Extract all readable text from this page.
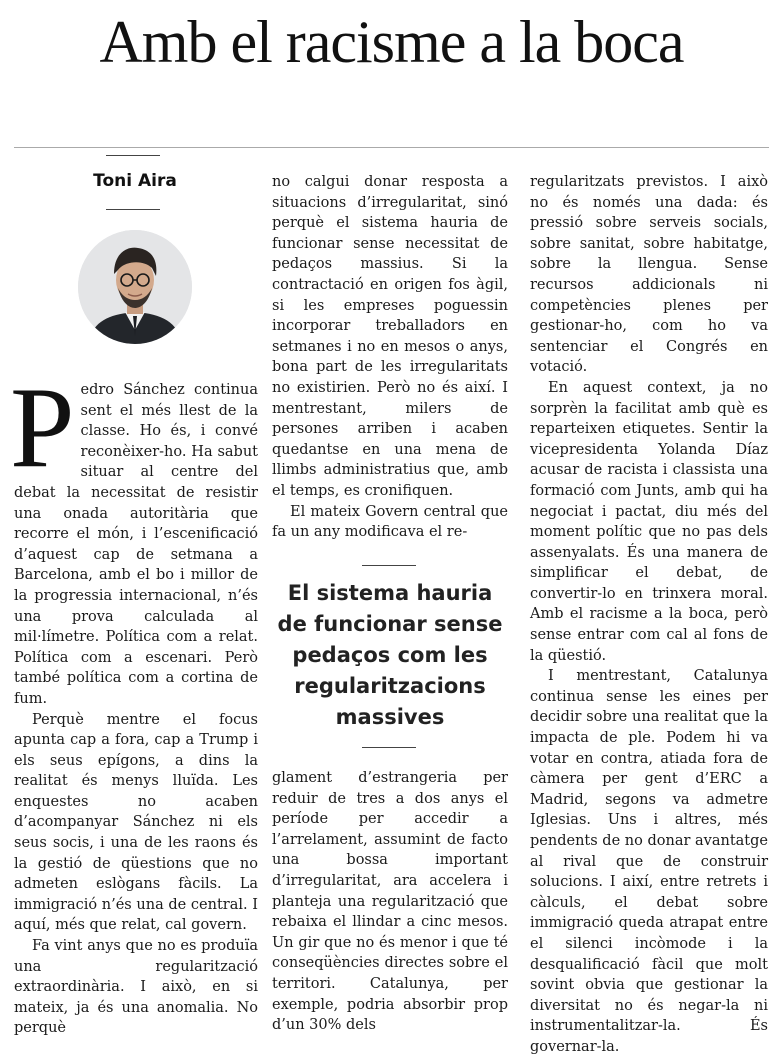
Amb el racisme a la boca
Toni Aira

Pedro Sánchez continua sent el més llest de la classe. Ho és, i convé reconèixer-ho. Ha sabut situar al centre del debat la necessitat de resistir una onada autoritària que recorre el món, i l’escenificació d’aquest cap de setmana a Barcelona, amb el bo i millor de la progressia internacional, n’és una prova calculada al mil·límetre. Política com a relat. Política com a escenari. Però també política com a cortina de fum.

Perquè mentre el focus apunta cap a fora, cap a Trump i els seus epígons, a dins la realitat és menys lluïda. Les enquestes no acaben d’acompanyar Sánchez ni els seus socis, i una de les raons és la gestió de qüestions que no admeten eslògans fàcils. La immigració n’és una de central. I aquí, més que relat, cal govern.

Fa vint anys que no es produïa una regularització extraordinària. I això, en si mateix, ja és una anomalia. No perquè

no calgui donar resposta a situacions d’irregularitat, sinó perquè el sistema hauria de funcionar sense necessitat de pedaços massius. Si la contractació en origen fos àgil, si les empreses poguessin incorporar treballadors en setmanes i no en mesos o anys, bona part de les irregularitats no existirien. Però no és així. I mentrestant, milers de persones arriben i acaben quedantse en una mena de llimbs administratius que, amb el temps, es cronifiquen.

El mateix Govern central que fa un any modificava el re-

El sistema hauria de funcionar sense pedaços com les regularitzacions massives

glament d’estrangeria per reduir de tres a dos anys el període per accedir a l’arrelament, assumint de facto una bossa important d’irregularitat, ara accelera i planteja una regularització que rebaixa el llindar a cinc mesos. Un gir que no és menor i que té conseqüències directes sobre el territori. Catalunya, per exemple, podria absorbir prop d’un 30% dels

regularitzats previstos. I això no és només una dada: és pressió sobre serveis socials, sobre sanitat, sobre habitatge, sobre la llengua. Sense recursos addicionals ni competències plenes per gestionar-ho, com ho va sentenciar el Congrés en votació.

En aquest context, ja no sorprèn la facilitat amb què es reparteixen etiquetes. Sentir la vicepresidenta Yolanda Díaz acusar de racista i classista una formació com Junts, amb qui ha negociat i pactat, diu més del moment polític que no pas dels assenyalats. És una manera de simplificar el debat, de convertir-lo en trinxera moral. Amb el racisme a la boca, però sense entrar com cal al fons de la qüestió.

I mentrestant, Catalunya continua sense les eines per decidir sobre una realitat que la impacta de ple. Podem hi va votar en contra, atiada fora de càmera per gent d’ERC a Madrid, segons va admetre Iglesias. Uns i altres, més pendents de no donar avantatge al rival que de construir solucions. I així, entre retrets i càlculs, el debat sobre immigració queda atrapat entre el silenci incòmode i la desqualificació fàcil que molt sovint obvia que gestionar la diversitat no és negar-la ni instrumentalitzar-la. És governar-la.
